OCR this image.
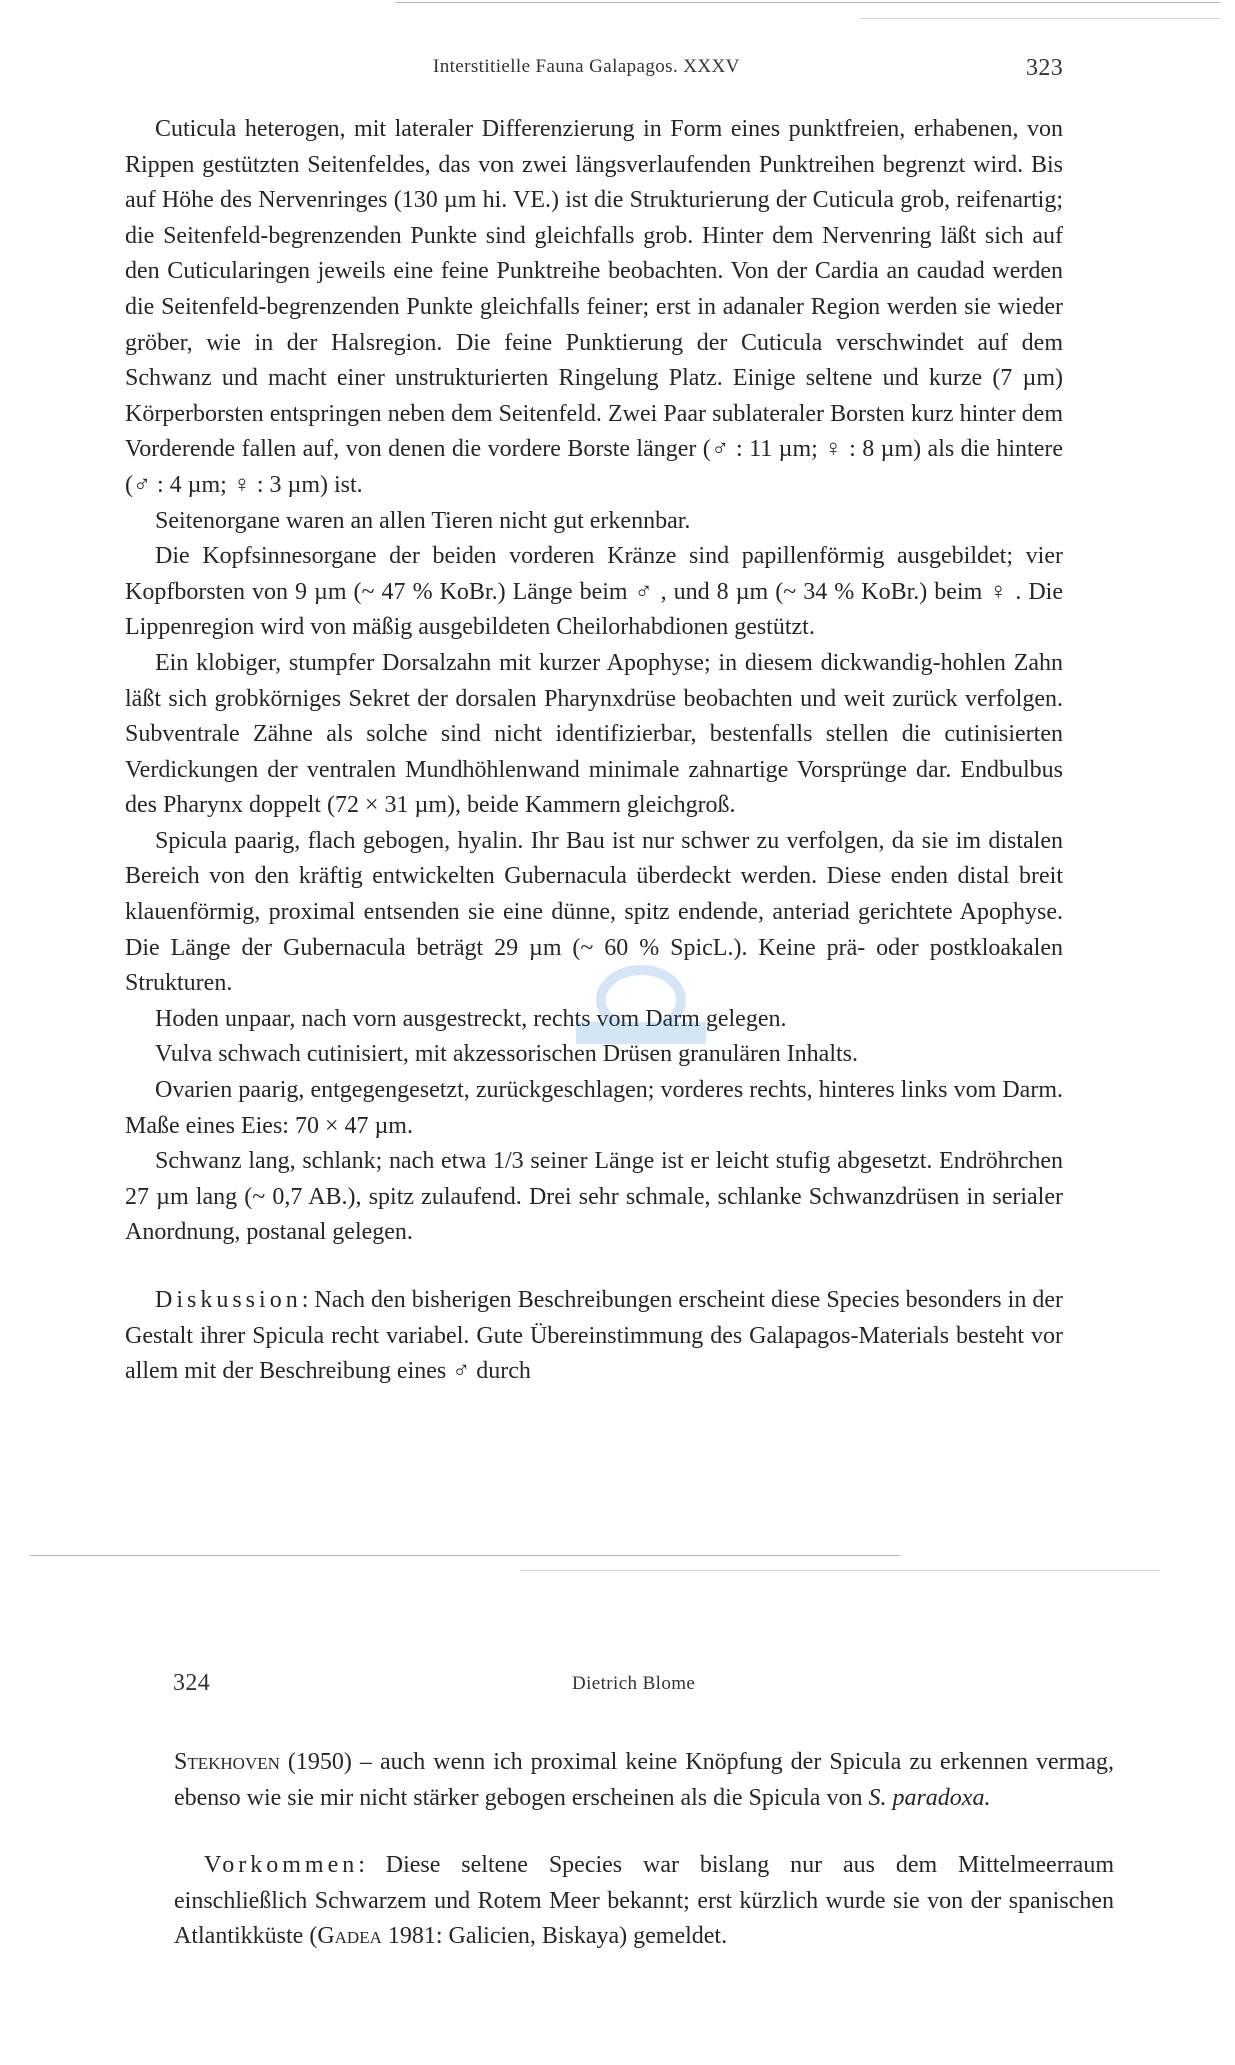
Interstitielle Fauna Galapagos. XXXV	323

Cuticula heterogen, mit lateraler Differenzierung in Form eines punktfreien, erhabenen, von Rippen gestützten Seitenfeldes, das von zwei längsverlaufenden Punktreihen begrenzt wird. Bis auf Höhe des Nervenringes (130 µm hi. VE.) ist die Strukturierung der Cuticula grob, reifenartig; die Seitenfeld-begrenzenden Punkte sind gleichfalls grob. Hinter dem Nervenring läßt sich auf den Cuticularingen jeweils eine feine Punktreihe beobachten. Von der Cardia an caudad werden die Seitenfeld-begrenzenden Punkte gleichfalls feiner; erst in adanaler Region werden sie wieder gröber, wie in der Halsregion. Die feine Punktierung der Cuticula verschwindet auf dem Schwanz und macht einer unstrukturierten Ringelung Platz. Einige seltene und kurze (7 µm) Körperborsten entspringen neben dem Seitenfeld. Zwei Paar sublateraler Borsten kurz hinter dem Vorderende fallen auf, von denen die vordere Borste länger (♂ : 11 µm; ♀ : 8 µm) als die hintere (♂ : 4 µm; ♀ : 3 µm) ist.

Seitenorgane waren an allen Tieren nicht gut erkennbar.

Die Kopfsinnesorgane der beiden vorderen Kränze sind papillenförmig ausgebildet; vier Kopfborsten von 9 µm (~ 47 % KoBr.) Länge beim ♂ , und 8 µm (~ 34 % KoBr.) beim ♀ . Die Lippenregion wird von mäßig ausgebildeten Cheilorhabdionen gestützt.

Ein klobiger, stumpfer Dorsalzahn mit kurzer Apophyse; in diesem dickwandig-hohlen Zahn läßt sich grobkörniges Sekret der dorsalen Pharynxdrüse beobachten und weit zurück verfolgen. Subventrale Zähne als solche sind nicht identifizierbar, bestenfalls stellen die cutinisierten Verdickungen der ventralen Mundhöhlenwand minimale zahnartige Vorsprünge dar. Endbulbus des Pharynx doppelt (72 × 31 µm), beide Kammern gleichgroß.

Spicula paarig, flach gebogen, hyalin. Ihr Bau ist nur schwer zu verfolgen, da sie im distalen Bereich von den kräftig entwickelten Gubernacula überdeckt werden. Diese enden distal breit klauenförmig, proximal entsenden sie eine dünne, spitz endende, anteriad gerichtete Apophyse. Die Länge der Gubernacula beträgt 29 µm (~ 60 % SpicL.). Keine prä- oder postkloakalen Strukturen.

Hoden unpaar, nach vorn ausgestreckt, rechts vom Darm gelegen.

Vulva schwach cutinisiert, mit akzessorischen Drüsen granulären Inhalts.

Ovarien paarig, entgegengesetzt, zurückgeschlagen; vorderes rechts, hinteres links vom Darm. Maße eines Eies: 70 × 47 µm.

Schwanz lang, schlank; nach etwa 1/3 seiner Länge ist er leicht stufig abgesetzt. Endröhrchen 27 µm lang (~ 0,7 AB.), spitz zulaufend. Drei sehr schmale, schlanke Schwanzdrüsen in serialer Anordnung, postanal gelegen.

Diskussion: Nach den bisherigen Beschreibungen erscheint diese Species besonders in der Gestalt ihrer Spicula recht variabel. Gute Übereinstimmung des Galapagos-Materials besteht vor allem mit der Beschreibung eines ♂ durch

324	Dietrich Blome

Stekhoven (1950) – auch wenn ich proximal keine Knöpfung der Spicula zu erkennen vermag, ebenso wie sie mir nicht stärker gebogen erscheinen als die Spicula von S. paradoxa.

Vorkommen: Diese seltene Species war bislang nur aus dem Mittelmeerraum einschließlich Schwarzem und Rotem Meer bekannt; erst kürzlich wurde sie von der spanischen Atlantikküste (Gadea 1981: Galicien, Biskaya) gemeldet.
